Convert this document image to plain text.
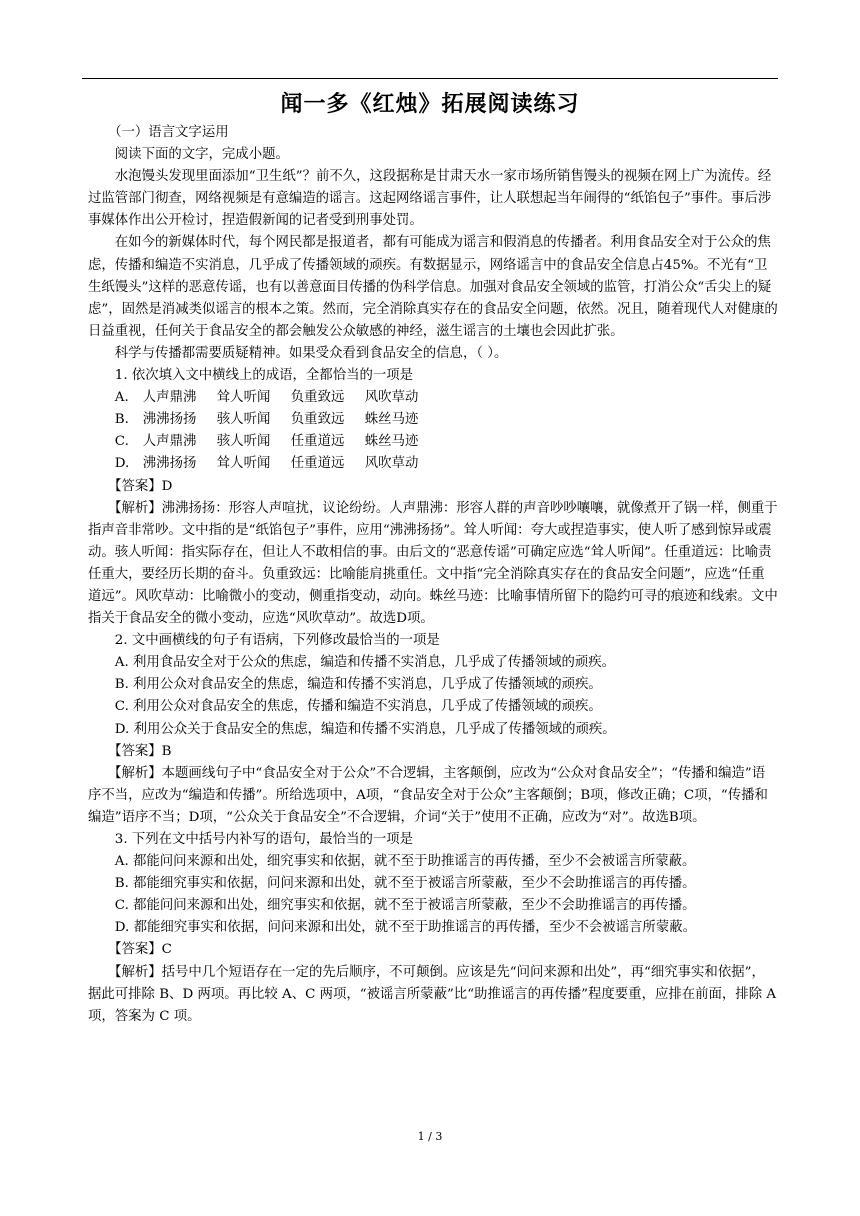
闻一多《红烛》拓展阅读练习

（一）语言文字运用

阅读下面的文字，完成小题。

水泡馒头发现里面添加“卫生纸”？前不久，这段据称是甘肃天水一家市场所销售馒头的视频在网上广为流传。经过监管部门彻查，网络视频是有意编造的谣言。这起网络谣言事件，让人联想起当年闹得的“纸馅包子”事件。事后涉事媒体作出公开检讨，捏造假新闻的记者受到刑事处罚。

在如今的新媒体时代，每个网民都是报道者，都有可能成为谣言和假消息的传播者。利用食品安全对于公众的焦虑，传播和编造不实消息，几乎成了传播领域的顽疾。有数据显示，网络谣言中的食品安全信息占45%。不光有“卫生纸馒头”这样的恶意传谣，也有以善意面目传播的伪科学信息。加强对食品安全领域的监管，打消公众“舌尖上的疑虑”，固然是消减类似谣言的根本之策。然而，完全消除真实存在的食品安全问题，依然。况且，随着现代人对健康的日益重视，任何关于食品安全的都会触发公众敏感的神经，滋生谣言的土壤也会因此扩张。

科学与传播都需要质疑精神。如果受众看到食品安全的信息，（ ）。

1. 依次填入文中横线上的成语，全都恰当的一项是

A. 人声鼎沸 耸人听闻 负重致远 风吹草动

B. 沸沸扬扬 骇人听闻 负重致远 蛛丝马迹

C. 人声鼎沸 骇人听闻 任重道远 蛛丝马迹

D. 沸沸扬扬 耸人听闻 任重道远 风吹草动

【答案】D

【解析】沸沸扬扬：形容人声喧扰，议论纷纷。人声鼎沸：形容人群的声音吵吵嚷嚷，就像煮开了锅一样，侧重于指声音非常吵。文中指的是“纸馅包子”事件，应用“沸沸扬扬”。耸人听闻：夸大或捏造事实，使人听了感到惊异或震动。骇人听闻：指实际存在，但让人不敢相信的事。由后文的“恶意传谣”可确定应选“耸人听闻”。任重道远：比喻责任重大，要经历长期的奋斗。负重致远：比喻能肩挑重任。文中指“完全消除真实存在的食品安全问题”，应选“任重道远”。风吹草动：比喻微小的变动，侧重指变动，动向。蛛丝马迹：比喻事情所留下的隐约可寻的痕迹和线索。文中指关于食品安全的微小变动，应选“风吹草动”。故选D项。

2. 文中画横线的句子有语病，下列修改最恰当的一项是

A. 利用食品安全对于公众的焦虑，编造和传播不实消息，几乎成了传播领域的顽疾。

B. 利用公众对食品安全的焦虑，编造和传播不实消息，几乎成了传播领域的顽疾。

C. 利用公众对食品安全的焦虑，传播和编造不实消息，几乎成了传播领域的顽疾。

D. 利用公众关于食品安全的焦虑，编造和传播不实消息，几乎成了传播领域的顽疾。

【答案】B

【解析】本题画线句子中“食品安全对于公众”不合逻辑，主客颠倒，应改为“公众对食品安全”；“传播和编造”语序不当，应改为“编造和传播”。所给选项中，A项，“食品安全对于公众”主客颠倒；B项，修改正确；C项，“传播和编造”语序不当；D项，“公众关于食品安全”不合逻辑，介词“关于”使用不正确，应改为“对”。故选B项。

3. 下列在文中括号内补写的语句，最恰当的一项是

A. 都能问问来源和出处，细究事实和依据，就不至于助推谣言的再传播，至少不会被谣言所蒙蔽。

B. 都能细究事实和依据，问问来源和出处，就不至于被谣言所蒙蔽，至少不会助推谣言的再传播。

C. 都能问问来源和出处，细究事实和依据，就不至于被谣言所蒙蔽，至少不会助推谣言的再传播。

D. 都能细究事实和依据，问问来源和出处，就不至于助推谣言的再传播，至少不会被谣言所蒙蔽。

【答案】C

【解析】括号中几个短语存在一定的先后顺序，不可颠倒。应该是先“问问来源和出处”，再“细究事实和依据”，据此可排除 B、D 两项。再比较 A、C 两项，“被谣言所蒙蔽”比“助推谣言的再传播”程度要重，应排在前面，排除 A 项，答案为 C 项。

1 / 3
